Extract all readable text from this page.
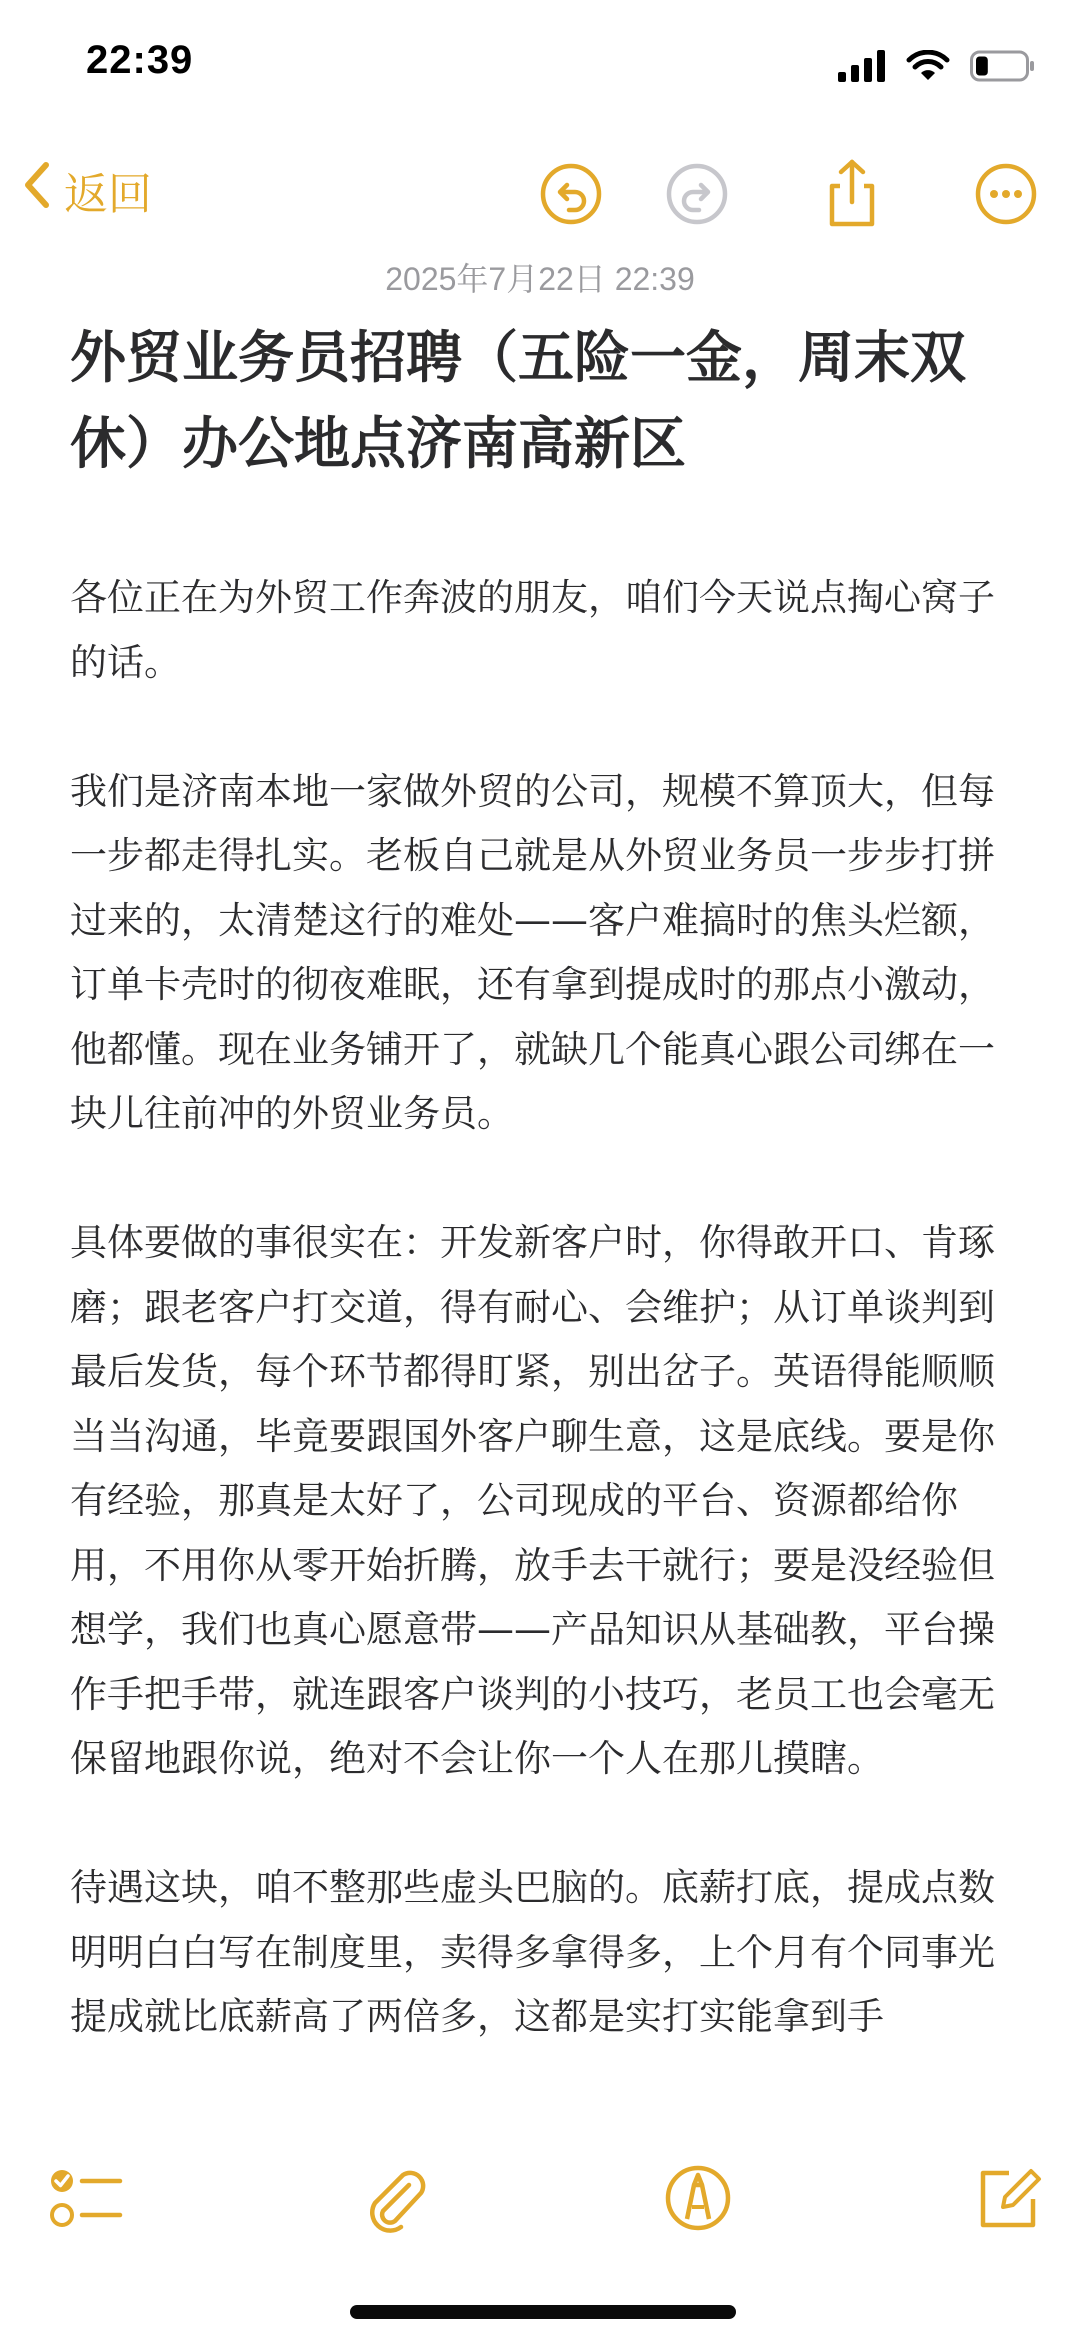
22:39
返回
2025年7月22日 22:39
外贸业务员招聘（五险一金，周末双休）办公地点济南高新区

各位正在为外贸工作奔波的朋友，咱们今天说点掏心窝子的话。

我们是济南本地一家做外贸的公司，规模不算顶大，但每一步都走得扎实。老板自己就是从外贸业务员一步步打拼过来的，太清楚这行的难处——客户难搞时的焦头烂额，订单卡壳时的彻夜难眠，还有拿到提成时的那点小激动，他都懂。现在业务铺开了，就缺几个能真心跟公司绑在一块儿往前冲的外贸业务员。

具体要做的事很实在：开发新客户时，你得敢开口、肯琢磨；跟老客户打交道，得有耐心、会维护；从订单谈判到最后发货，每个环节都得盯紧，别出岔子。英语得能顺顺当当沟通，毕竟要跟国外客户聊生意，这是底线。要是你有经验，那真是太好了，公司现成的平台、资源都给你用，不用你从零开始折腾，放手去干就行；要是没经验但想学，我们也真心愿意带——产品知识从基础教，平台操作手把手带，就连跟客户谈判的小技巧，老员工也会毫无保留地跟你说，绝对不会让你一个人在那儿摸瞎。

待遇这块，咱不整那些虚头巴脑的。底薪打底，提成点数明明白白写在制度里，卖得多拿得多，上个月有个同事光提成就比底薪高了两倍多，这都是实打实能拿到手
